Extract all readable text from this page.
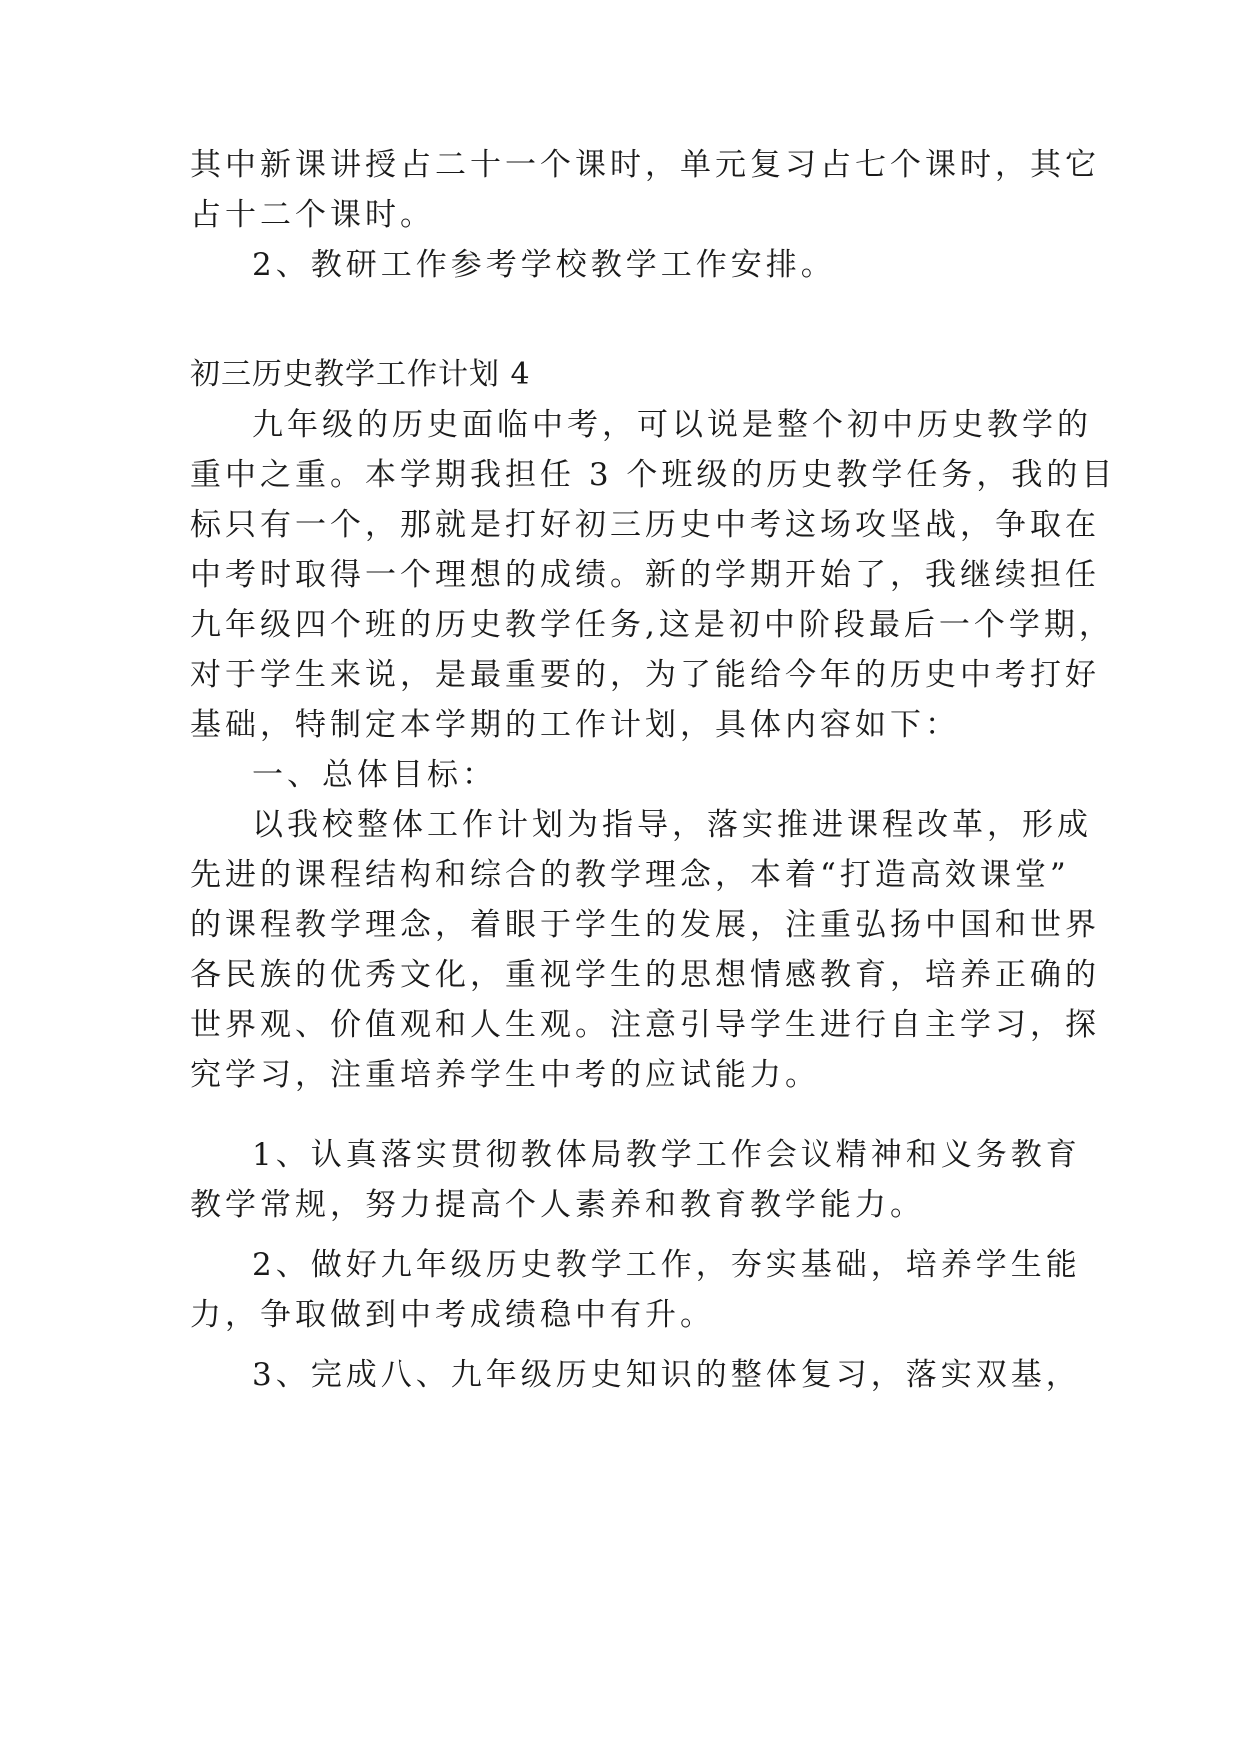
其中新课讲授占二十一个课时，单元复习占七个课时，其它
占十二个课时。
2、教研工作参考学校教学工作安排。
初三历史教学工作计划 4
九年级的历史面临中考，可以说是整个初中历史教学的
重中之重。本学期我担任 3 个班级的历史教学任务，我的目
标只有一个，那就是打好初三历史中考这场攻坚战，争取在
中考时取得一个理想的成绩。新的学期开始了，我继续担任
九年级四个班的历史教学任务,这是初中阶段最后一个学期，
对于学生来说，是最重要的，为了能给今年的历史中考打好
基础，特制定本学期的工作计划，具体内容如下：
一、总体目标：
以我校整体工作计划为指导，落实推进课程改革，形成
先进的课程结构和综合的教学理念，本着“打造高效课堂”
的课程教学理念，着眼于学生的发展，注重弘扬中国和世界
各民族的优秀文化，重视学生的思想情感教育，培养正确的
世界观、价值观和人生观。注意引导学生进行自主学习，探
究学习，注重培养学生中考的应试能力。
1、认真落实贯彻教体局教学工作会议精神和义务教育
教学常规，努力提高个人素养和教育教学能力。
2、做好九年级历史教学工作，夯实基础，培养学生能
力，争取做到中考成绩稳中有升。
3、完成八、九年级历史知识的整体复习，落实双基，
